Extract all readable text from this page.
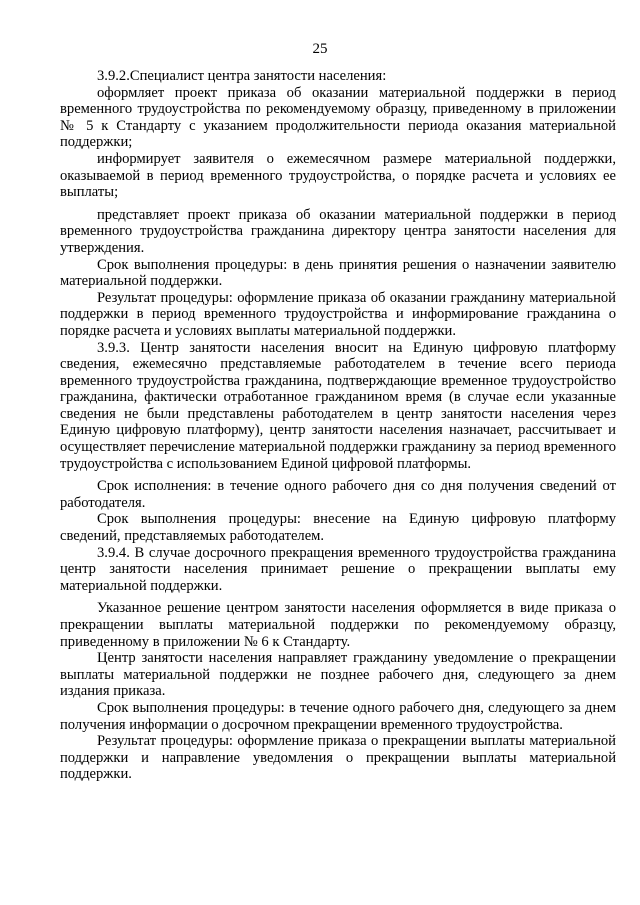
25

3.9.2.Специалист центра занятости населения:

оформляет проект приказа об оказании материальной поддержки в период временного трудоустройства по рекомендуемому образцу, приведенному в приложении № 5 к Стандарту с указанием продолжительности периода оказания материальной поддержки;

информирует заявителя о ежемесячном размере материальной поддержки, оказываемой в период временного трудоустройства, о порядке расчета и условиях ее выплаты;

представляет проект приказа об оказании материальной поддержки в период временного трудоустройства гражданина директору центра занятости населения для утверждения.

Срок выполнения процедуры: в день принятия решения о назначении заявителю материальной поддержки.

Результат процедуры: оформление приказа об оказании гражданину материальной поддержки в период временного трудоустройства и информирование гражданина о порядке расчета и условиях выплаты материальной поддержки.

3.9.3. Центр занятости населения вносит на Единую цифровую платформу сведения, ежемесячно представляемые работодателем в течение всего периода временного трудоустройства гражданина, подтверждающие временное трудоустройство гражданина, фактически отработанное гражданином время (в случае если указанные сведения не были представлены работодателем в центр занятости населения через Единую цифровую платформу), центр занятости населения назначает, рассчитывает и осуществляет перечисление материальной поддержки гражданину за период временного трудоустройства с использованием Единой цифровой платформы.

Срок исполнения: в течение одного рабочего дня со дня получения сведений от работодателя.

Срок выполнения процедуры: внесение на Единую цифровую платформу сведений, представляемых работодателем.

3.9.4. В случае досрочного прекращения временного трудоустройства гражданина центр занятости населения принимает решение о прекращении выплаты ему материальной поддержки.

Указанное решение центром занятости населения оформляется в виде приказа о прекращении выплаты материальной поддержки по рекомендуемому образцу, приведенному в приложении № 6 к Стандарту.

Центр занятости населения направляет гражданину уведомление о прекращении выплаты материальной поддержки не позднее рабочего дня, следующего за днем издания приказа.

Срок выполнения процедуры: в течение одного рабочего дня, следующего за днем получения информации о досрочном прекращении временного трудоустройства.

Результат процедуры: оформление приказа о прекращении выплаты материальной поддержки и направление уведомления о прекращении выплаты материальной поддержки.
